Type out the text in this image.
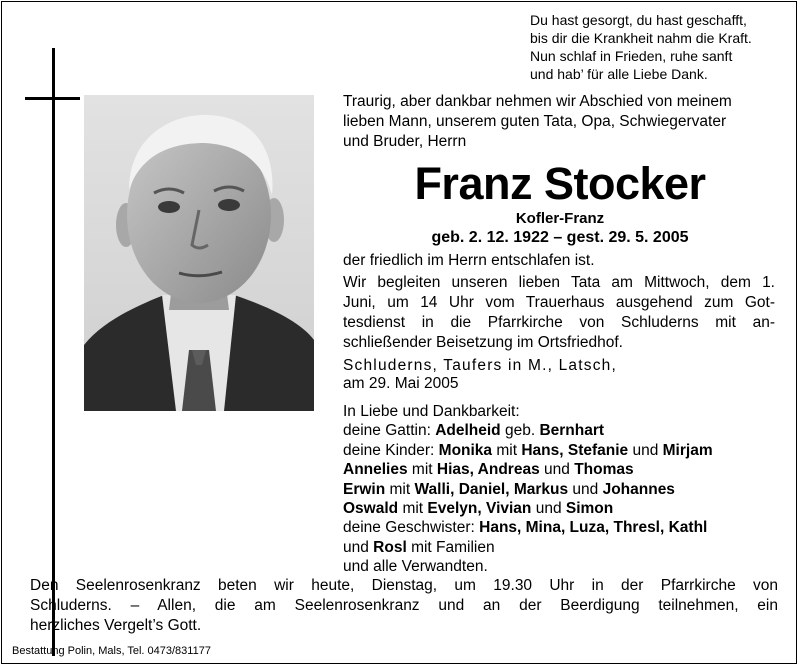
Du hast gesorgt, du hast geschafft,
bis dir die Krankheit nahm die Kraft.
Nun schlaf in Frieden, ruhe sanft
und hab’ für alle Liebe Dank.
Traurig, aber dankbar nehmen wir Abschied von meinem
lieben Mann, unserem guten Tata, Opa, Schwiegervater
und Bruder, Herrn
Franz Stocker
Kofler-Franz
geb. 2. 12. 1922 – gest. 29. 5. 2005
der friedlich im Herrn entschlafen ist.
Wir begleiten unseren lieben Tata am Mittwoch, dem 1.
Juni, um 14 Uhr vom Trauerhaus ausgehend zum Got-
tesdienst in die Pfarrkirche von Schluderns mit an-
schließender Beisetzung im Ortsfriedhof.
Schluderns, Taufers in M., Latsch,
am 29. Mai 2005
In Liebe und Dankbarkeit:
deine Gattin: Adelheid geb. Bernhart
deine Kinder: Monika mit Hans, Stefanie und Mirjam
Annelies mit Hias, Andreas und Thomas
Erwin mit Walli, Daniel, Markus und Johannes
Oswald mit Evelyn, Vivian und Simon
deine Geschwister: Hans, Mina, Luza, Thresl, Kathl
und Rosl mit Familien
und alle Verwandten.
Den Seelenrosenkranz beten wir heute, Dienstag, um 19.30 Uhr in der Pfarrkirche von
Schluderns. – Allen, die am Seelenrosenkranz und an der Beerdigung teilnehmen, ein
herzliches Vergelt’s Gott.
Bestattung Polin, Mals, Tel. 0473/831177
